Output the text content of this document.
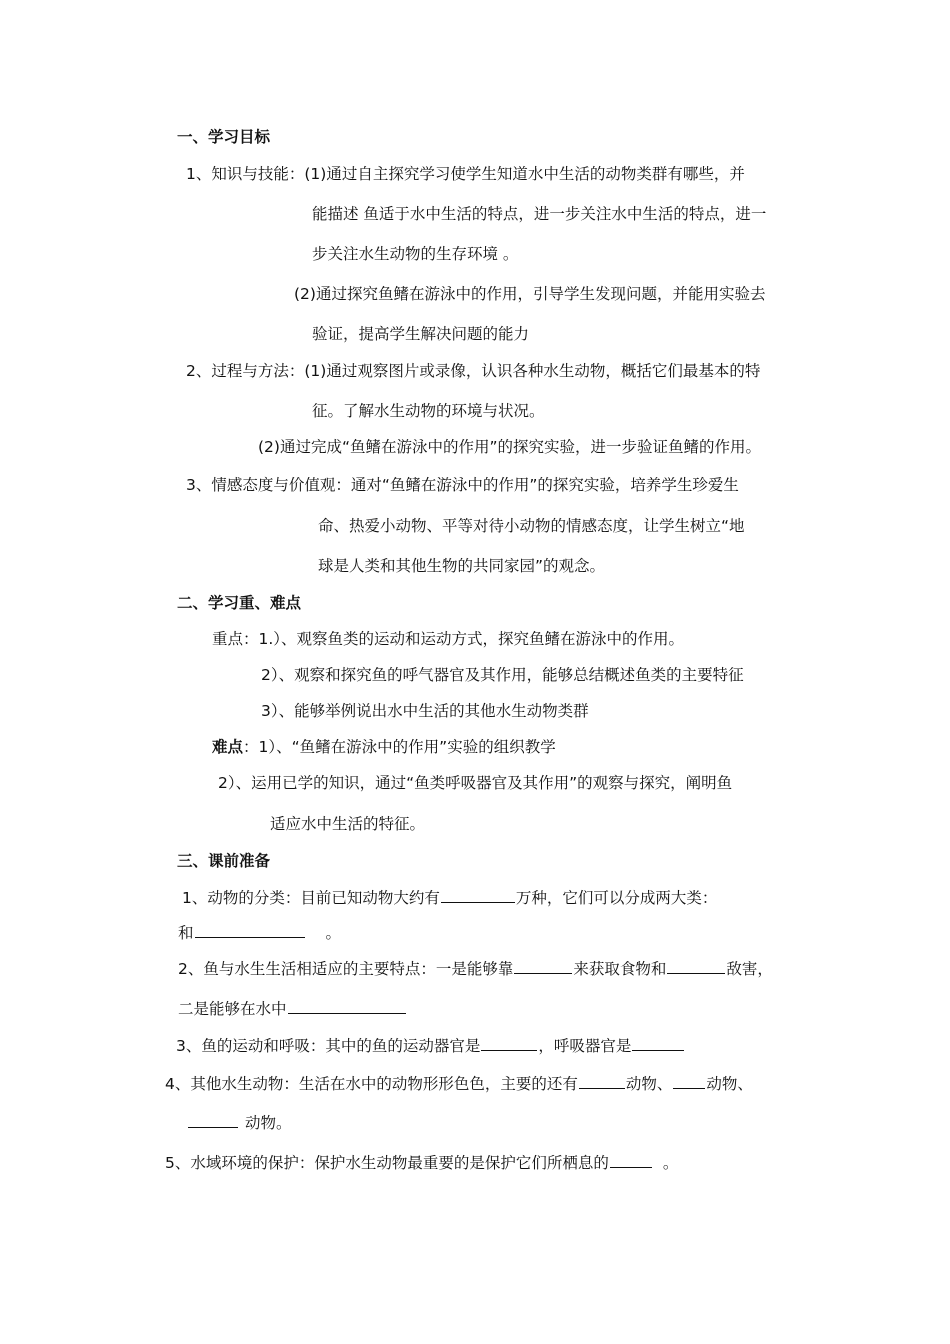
一、学习目标
1、知识与技能：(1)通过自主探究学习使学生知道水中生活的动物类群有哪些，并
能描述 鱼适于水中生活的特点，进一步关注水中生活的特点，进一
步关注水生动物的生存环境 。
(2)通过探究鱼鳍在游泳中的作用，引导学生发现问题，并能用实验去
验证，提高学生解决问题的能力
2、过程与方法：(1)通过观察图片或录像，认识各种水生动物，概括它们最基本的特
征。了解水生动物的环境与状况。
(2)通过完成“鱼鳍在游泳中的作用”的探究实验，进一步验证鱼鳍的作用。
3、情感态度与价值观：通对“鱼鳍在游泳中的作用”的探究实验，培养学生珍爱生
命、热爱小动物、平等对待小动物的情感态度，让学生树立“地
球是人类和其他生物的共同家园”的观念。
二、学习重、难点
重点：1.）、观察鱼类的运动和运动方式，探究鱼鳍在游泳中的作用。
2）、观察和探究鱼的呼气器官及其作用，能够总结概述鱼类的主要特征
3）、能够举例说出水中生活的其他水生动物类群
难点：1）、“鱼鳍在游泳中的作用”实验的组织教学
2）、运用已学的知识，通过“鱼类呼吸器官及其作用”的观察与探究，阐明鱼
适应水中生活的特征。
三、课前准备
1、动物的分类：目前已知动物大约有	万种，它们可以分成两大类：
和	。
2、鱼与水生生活相适应的主要特点：一是能够靠	来获取食物和	敌害，
二是能够在水中
3、鱼的运动和呼吸：其中的鱼的运动器官是	，呼吸器官是
4、其他水生动物：生活在水中的动物形形色色，主要的还有	动物、 动物、
动物。
5、水域环境的保护：保护水生动物最重要的是保护它们所栖息的	。
